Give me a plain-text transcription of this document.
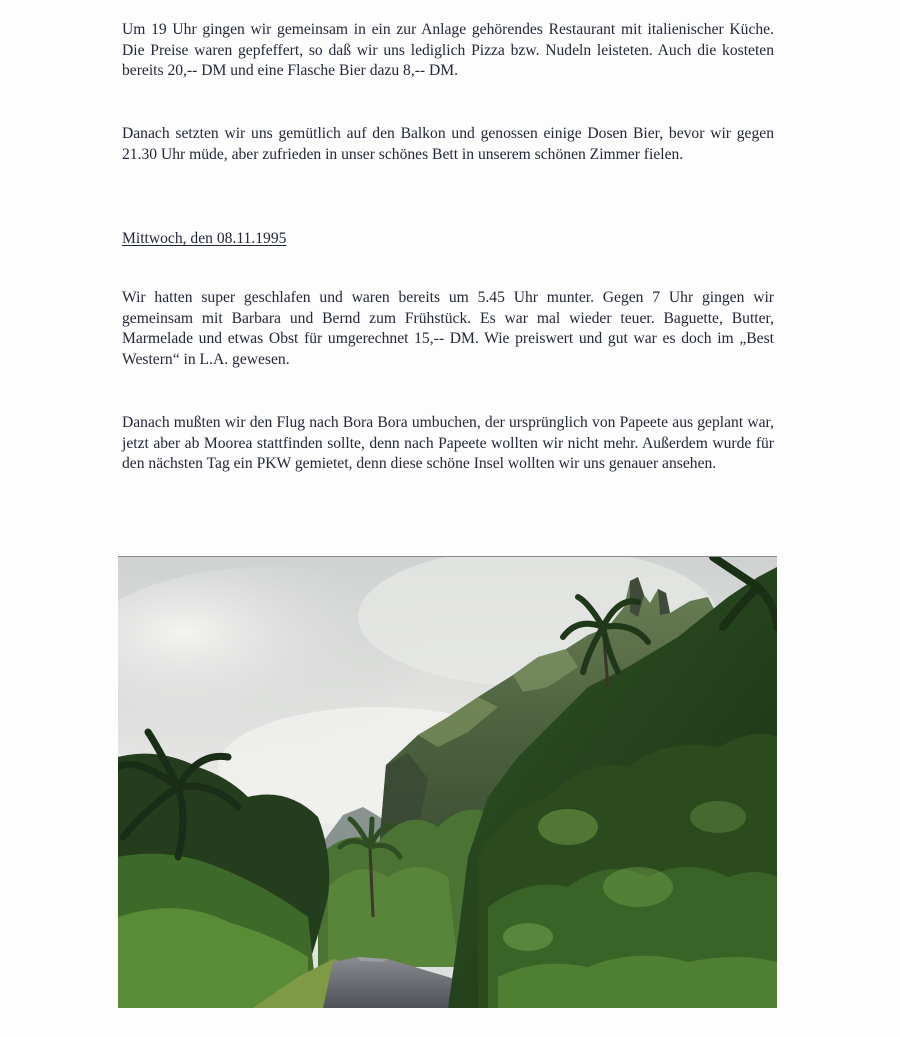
Um 19 Uhr gingen wir gemeinsam in ein zur Anlage gehörendes Restaurant mit italienischer Küche. Die Preise waren gepfeffert, so daß wir uns lediglich Pizza bzw. Nudeln leisteten. Auch die kosteten bereits 20,-- DM und eine Flasche Bier dazu 8,-- DM.

Danach setzten wir uns gemütlich auf den Balkon und genossen einige Dosen Bier, bevor wir gegen 21.30 Uhr müde, aber zufrieden in unser schönes Bett in unserem schönen Zimmer fielen.

Mittwoch, den 08.11.1995

Wir hatten super geschlafen und waren bereits um 5.45 Uhr munter. Gegen 7 Uhr gingen wir gemeinsam mit Barbara und Bernd zum Frühstück. Es war mal wieder teuer. Baguette, Butter, Marmelade und etwas Obst für umgerechnet 15,-- DM. Wie preiswert und gut war es doch im „Best Western“ in L.A. gewesen.

Danach mußten wir den Flug nach Bora Bora umbuchen, der ursprünglich von Papeete aus geplant war, jetzt aber ab Moorea stattfinden sollte, denn nach Papeete wollten wir nicht mehr. Außerdem wurde für den nächsten Tag ein PKW gemietet, denn diese schöne Insel wollten wir uns genauer ansehen.
